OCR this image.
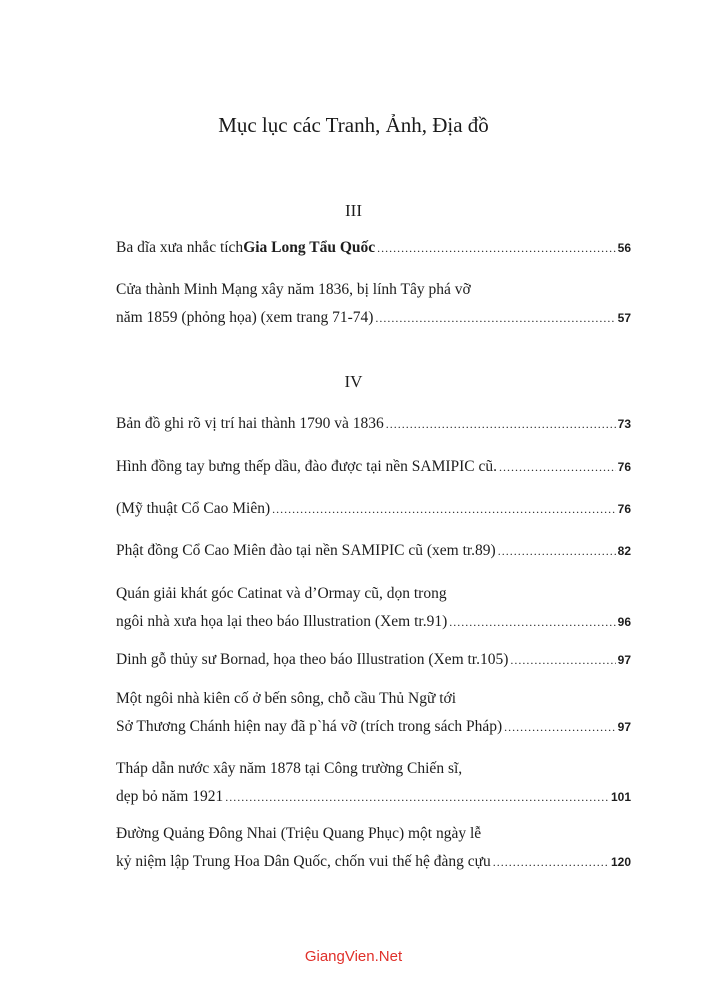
Mục lục các Tranh, Ảnh, Địa đồ
III
Ba dĩa xưa nhắc tích Gia Long Tẩu Quốc .....	56
Cửa thành Minh Mạng xây năm 1836, bị lính Tây phá vỡ
năm 1859 (phỏng họa) (xem trang 71-74) .....	57
IV
Bản đồ ghi rõ vị trí hai thành 1790 và 1836 .....	73
Hình đồng tay bưng thếp dầu, đào được tại nền SAMIPIC cũ. .....	76
(Mỹ thuật Cổ Cao Miên) .....	76
Phật đồng Cổ Cao Miên đào tại nền SAMIPIC cũ (xem tr.89) .....	82
Quán giải khát góc Catinat và d’Ormay cũ, dọn trong
ngôi nhà xưa họa lại theo báo Illustration (Xem tr.91) .....	96
Dinh gỗ thủy sư Bornad, họa theo báo Illustration (Xem tr.105) .....	97
Một ngôi nhà kiên cố ở bến sông, chỗ cầu Thủ Ngữ tới
Sở Thương Chánh hiện nay đã p`há vỡ (trích trong sách Pháp) .....	97
Tháp dẫn nước xây năm 1878 tại Công trường Chiến sĩ,
dẹp bỏ năm 1921 .....	101
Đường Quảng Đông Nhai (Triệu Quang Phục) một ngày lễ
kỷ niệm lập Trung Hoa Dân Quốc, chốn vui thế hệ đàng cựu .....	120
GiangVien.Net
